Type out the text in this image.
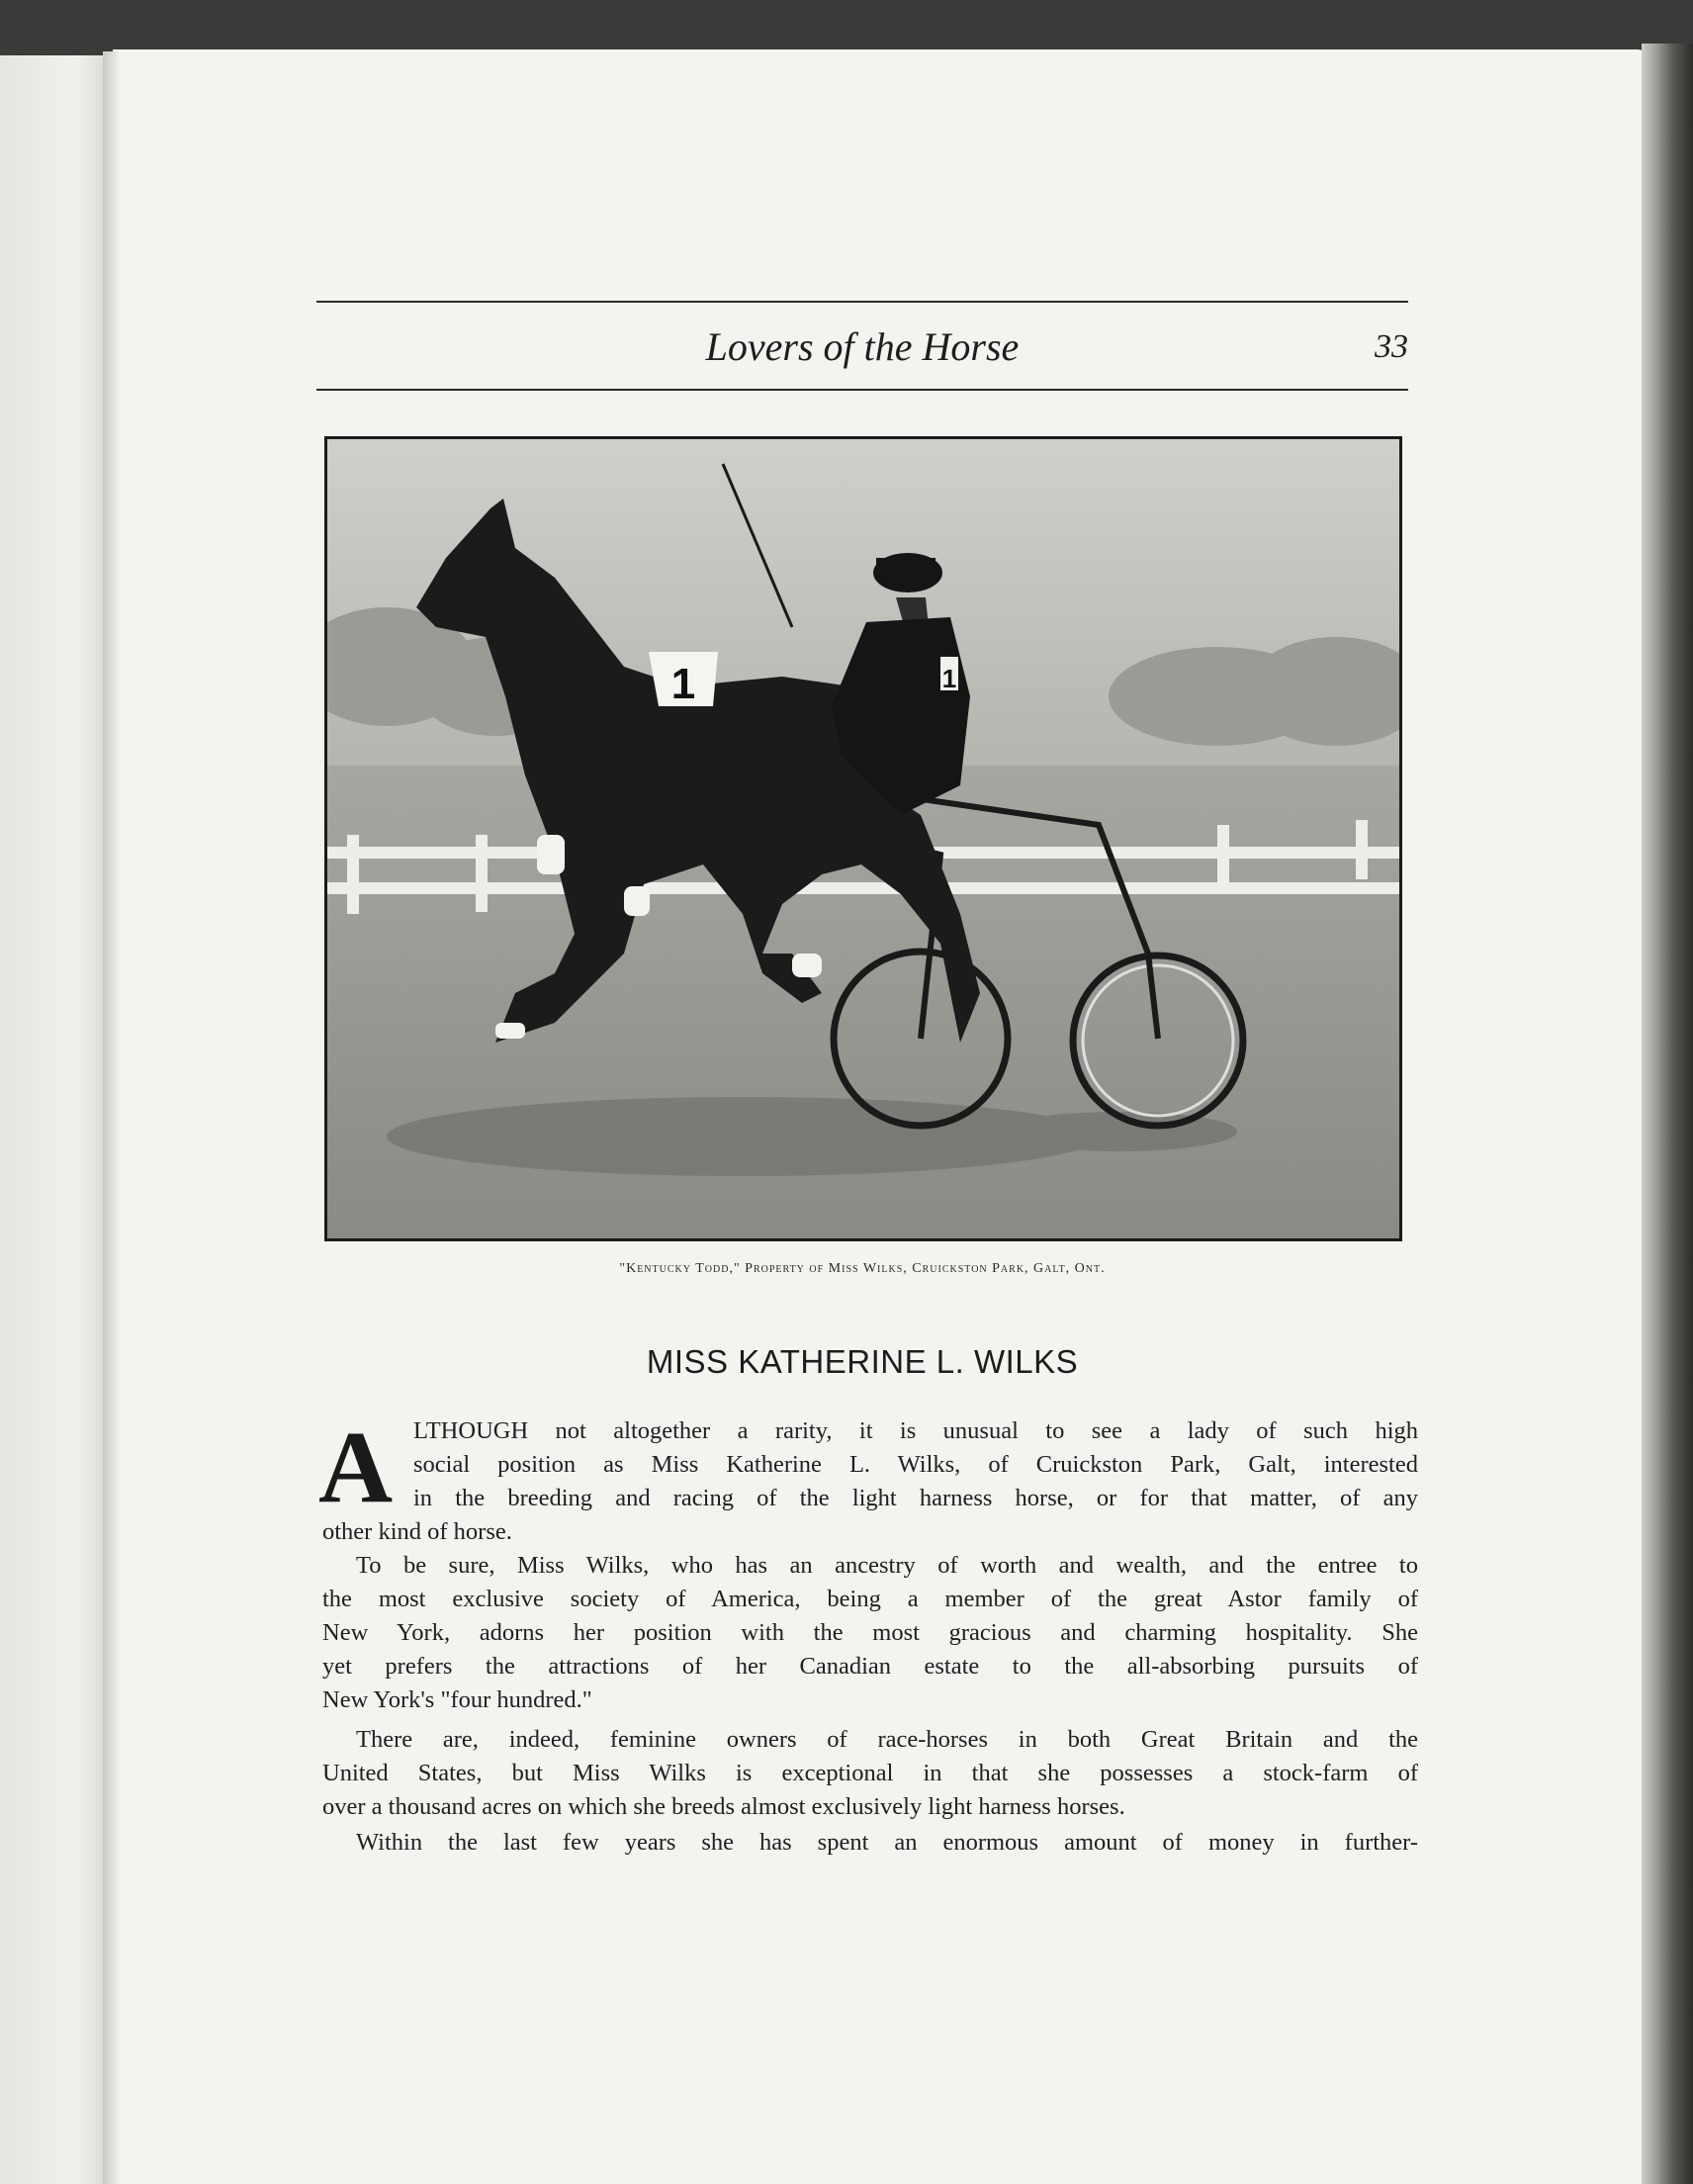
Lovers of the Horse	33
1	1
"Kentucky Todd," Property of Miss Wilks, Cruickston Park, Galt, Ont.
MISS KATHERINE L. WILKS
A LTHOUGH not altogether a rarity, it is unusual to see a lady of such high
social position as Miss Katherine L. Wilks, of Cruickston Park, Galt, interested
in the breeding and racing of the light harness horse, or for that matter, of any
other kind of horse.
To be sure, Miss Wilks, who has an ancestry of worth and wealth, and the entree to
the most exclusive society of America, being a member of the great Astor family of
New York, adorns her position with the most gracious and charming hospitality. She
yet prefers the attractions of her Canadian estate to the all-absorbing pursuits of
New York's "four hundred."
There are, indeed, feminine owners of race-horses in both Great Britain and the
United States, but Miss Wilks is exceptional in that she possesses a stock-farm of
over a thousand acres on which she breeds almost exclusively light harness horses.
Within the last few years she has spent an enormous amount of money in further-
